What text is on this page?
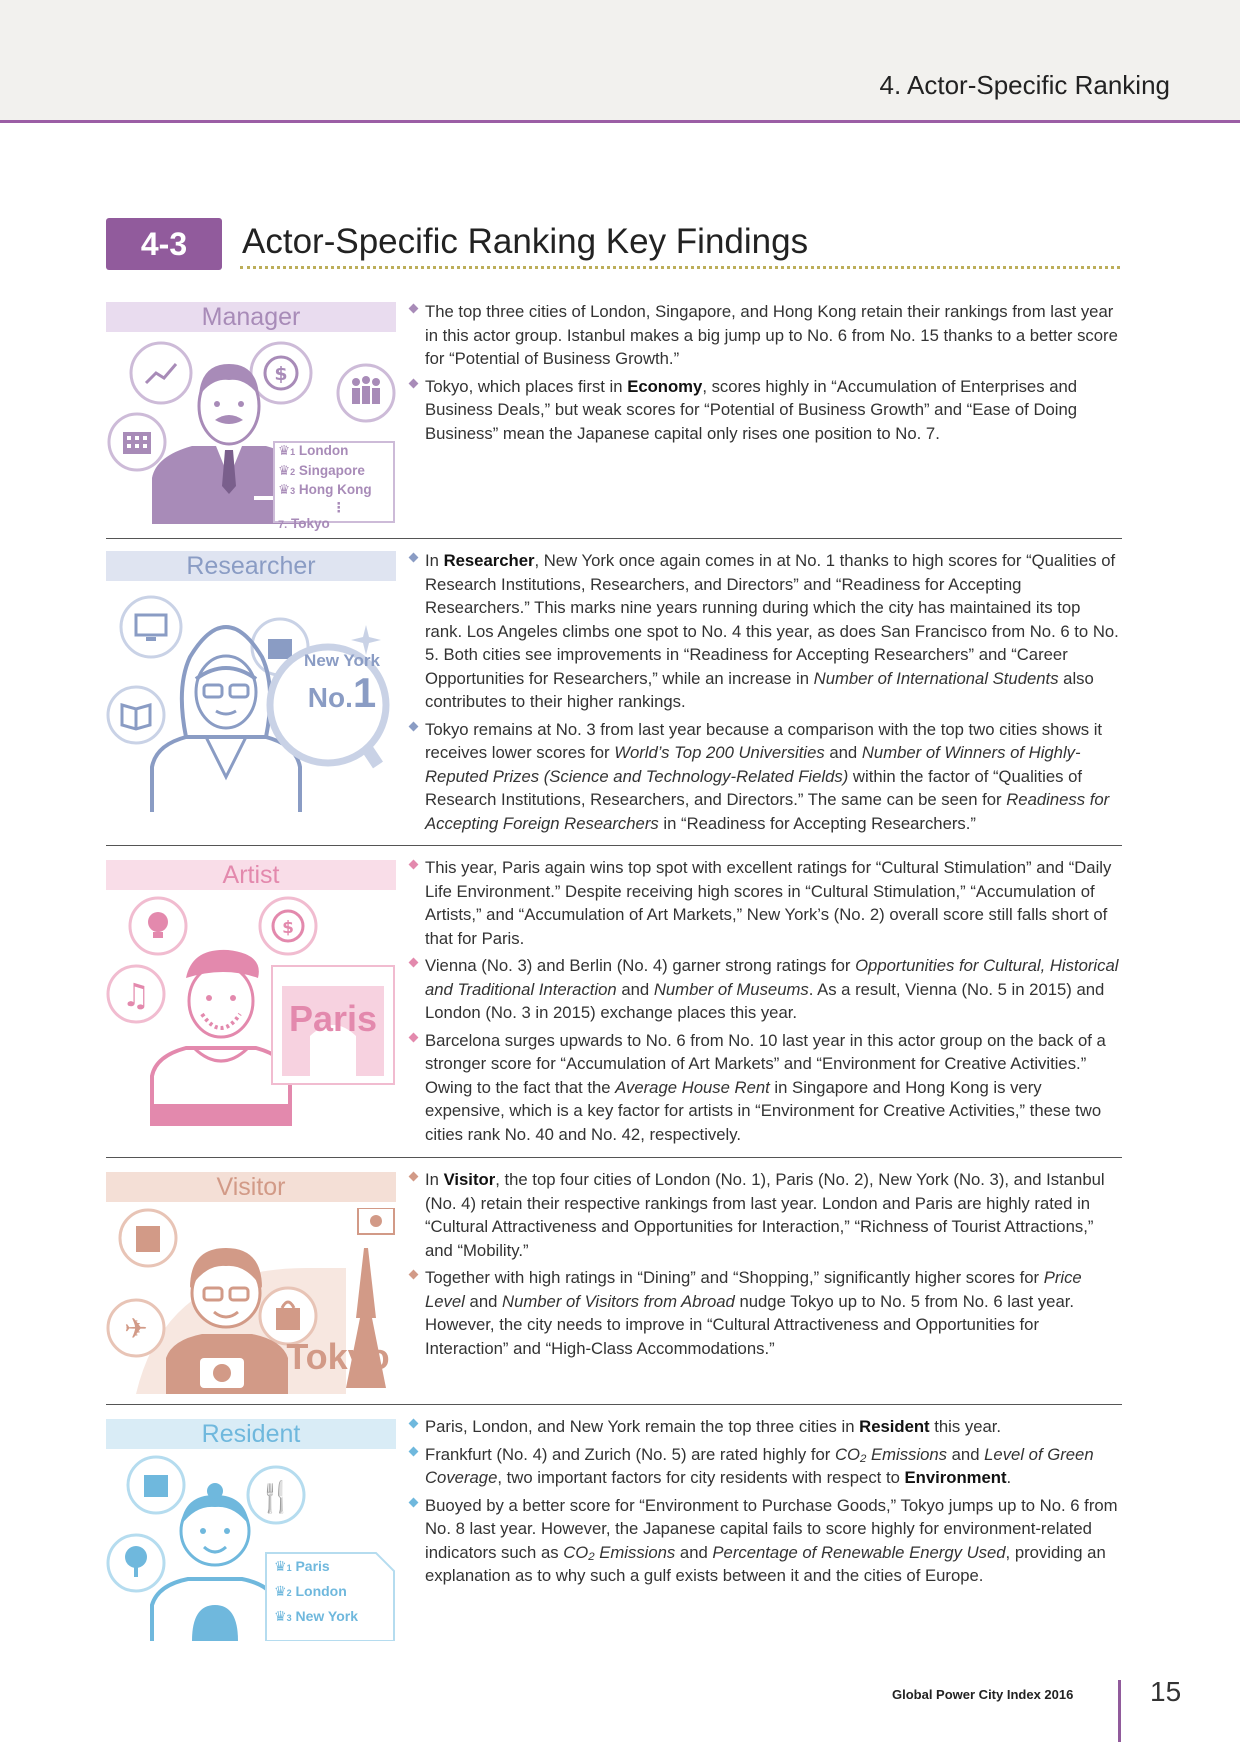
4. Actor-Specific Ranking
4-3	Actor-Specific Ranking Key Findings
Manager
$
♛1 London
♛2 Singapore
♛3 Hong Kong
⋮
7. Tokyo
The top three cities of London, Singapore, and Hong Kong retain their rankings from last year in this actor group. Istanbul makes a big jump up to No. 6 from No. 15 thanks to a better score for “Potential of Business Growth.”
Tokyo, which places first in Economy, scores highly in “Accumulation of Enterprises and Business Deals,” but weak scores for “Potential of Business Growth” and “Ease of Doing Business” mean the Japanese capital only rises one position to No. 7.
Researcher
New York
No.1
In Researcher, New York once again comes in at No. 1 thanks to high scores for “Qualities of Research Institutions, Researchers, and Directors” and “Readiness for Accepting Researchers.” This marks nine years running during which the city has maintained its top rank. Los Angeles climbs one spot to No. 4 this year, as does San Francisco from No. 6 to No. 5. Both cities see improvements in “Readiness for Accepting Researchers” and “Career Opportunities for Researchers,” while an increase in Number of International Students also contributes to their higher rankings.
Tokyo remains at No. 3 from last year because a comparison with the top two cities shows it receives lower scores for World’s Top 200 Universities and Number of Winners of Highly-Reputed Prizes (Science and Technology-Related Fields) within the factor of “Qualities of Research Institutions, Researchers, and Directors.” The same can be seen for Readiness for Accepting Foreign Researchers in “Readiness for Accepting Researchers.”
Artist
$
♫
Paris
This year, Paris again wins top spot with excellent ratings for “Cultural Stimulation” and “Daily Life Environment.” Despite receiving high scores in “Cultural Stimulation,” “Accumulation of Artists,” and “Accumulation of Art Markets,” New York’s (No. 2) overall score still falls short of that for Paris.
Vienna (No. 3) and Berlin (No. 4) garner strong ratings for Opportunities for Cultural, Historical and Traditional Interaction and Number of Museums. As a result, Vienna (No. 5 in 2015) and London (No. 3 in 2015) exchange places this year.
Barcelona surges upwards to No. 6 from No. 10 last year in this actor group on the back of a stronger score for “Accumulation of Art Markets” and “Environment for Creative Activities.” Owing to the fact that the Average House Rent in Singapore and Hong Kong is very expensive, which is a key factor for artists in “Environment for Creative Activities,” these two cities rank No. 40 and No. 42, respectively.
Visitor
✈
Tokyo
In Visitor, the top four cities of London (No. 1), Paris (No. 2), New York (No. 3), and Istanbul (No. 4) retain their respective rankings from last year. London and Paris are highly rated in “Cultural Attractiveness and Opportunities for Interaction,” “Richness of Tourist Attractions,” and “Mobility.”
Together with high ratings in “Dining” and “Shopping,” significantly higher scores for Price Level and Number of Visitors from Abroad nudge Tokyo up to No. 5 from No. 6 last year. However, the city needs to improve in “Cultural Attractiveness and Opportunities for Interaction” and “High-Class Accommodations.”
Resident
🍴
♛1 Paris
♛2 London
♛3 New York
Paris, London, and New York remain the top three cities in Resident this year.
Frankfurt (No. 4) and Zurich (No. 5) are rated highly for CO₂ Emissions and Level of Green Coverage, two important factors for city residents with respect to Environment.
Buoyed by a better score for “Environment to Purchase Goods,” Tokyo jumps up to No. 6 from No. 8 last year. However, the Japanese capital fails to score highly for environment-related indicators such as CO₂ Emissions and Percentage of Renewable Energy Used, providing an explanation as to why such a gulf exists between it and the cities of Europe.
Global Power City Index 2016	15
